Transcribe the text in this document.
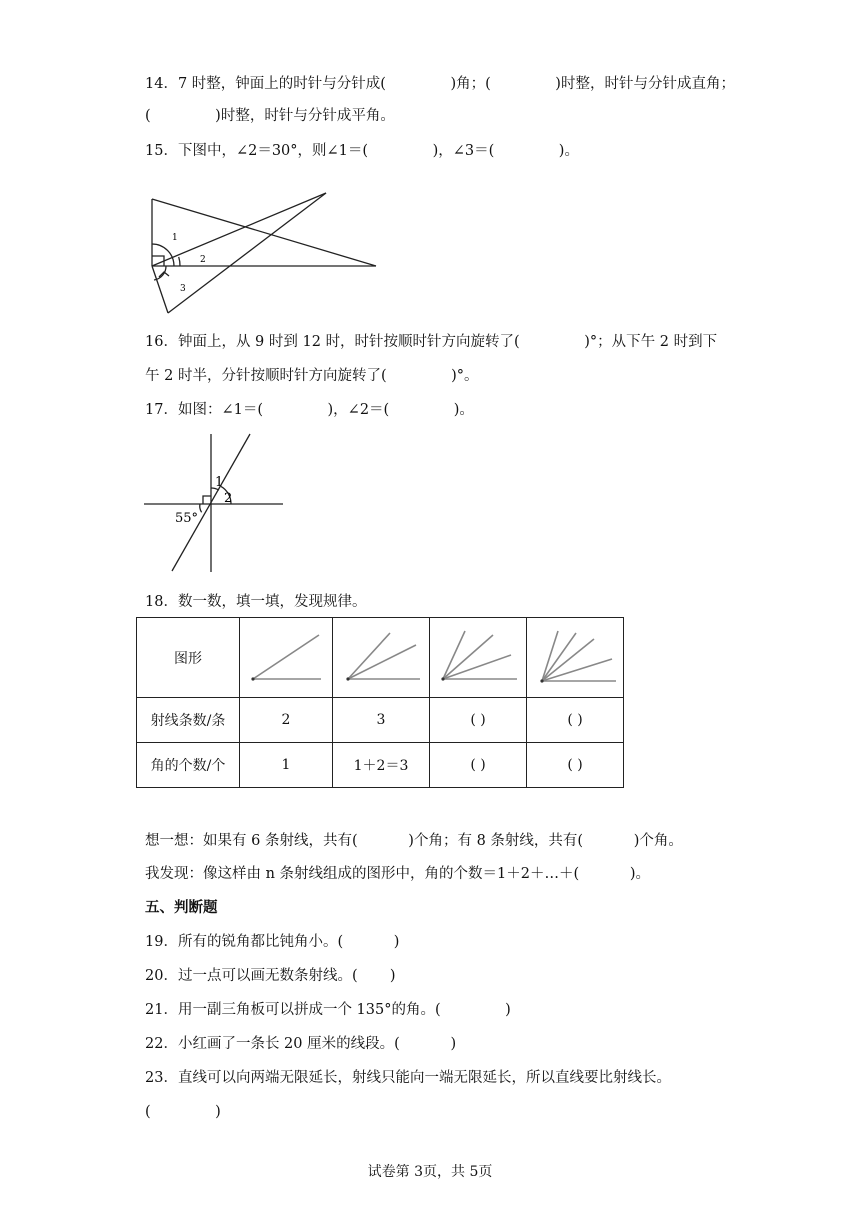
14．7 时整，钟面上的时针与分针成(              )角；(              )时整，时针与分针成直角；
(              )时整，时针与分针成平角。
15．下图中，∠2＝30°，则∠1＝(              )，∠3＝(              )。
1
2
3
16．钟面上，从 9 时到 12 时，时针按顺时针方向旋转了(              )°；从下午 2 时到下
午 2 时半，分针按顺时针方向旋转了(              )°。
17．如图：∠1＝(              )，∠2＝(              )。
1
2
55°
18．数一数，填一填，发现规律。
图形				
射线条数/条	2	3	( )	( )
角的个数/个	1	1＋2＝3	( )	( )
想一想：如果有 6 条射线，共有(           )个角；有 8 条射线，共有(           )个角。
我发现：像这样由 n 条射线组成的图形中，角的个数＝1＋2＋…＋(           )。
五、判断题
19．所有的锐角都比钝角小。(           )
20．过一点可以画无数条射线。(       )
21．用一副三角板可以拼成一个 135°的角。(              )
22．小红画了一条长 20 厘米的线段。(           )
23．直线可以向两端无限延长，射线只能向一端无限延长，所以直线要比射线长。
(              )
试卷第 3页，共 5页
